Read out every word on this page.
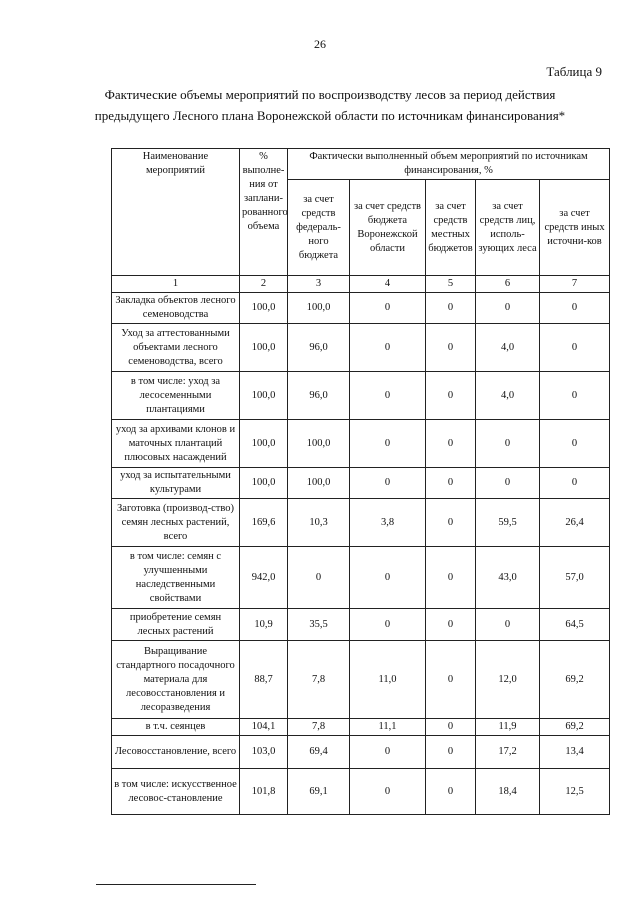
26
Таблица 9
Фактические объемы мероприятий по воспроизводству лесов за период действия
предыдущего Лесного плана Воронежской области по источникам финансирования*
Наименование мероприятий	% выполне-ния от заплани-рованного объема	Фактически выполненный объем мероприятий по источникам финансирования, %				
		за счет средств федераль-ного бюджета	за счет средств бюджета Воронежской области	за счет средств местных бюджетов	за счет средств лиц, исполь-зующих леса	за счет средств иных источни-ков
1	2	3	4	5	6	7
Закладка объектов лесного семеноводства	100,0	100,0	0	0	0	0
Уход за аттестованными объектами лесного семеноводства, всего	100,0	96,0	0	0	4,0	0
в том числе: уход за лесосеменными плантациями	100,0	96,0	0	0	4,0	0
уход за архивами клонов и маточных плантаций плюсовых насаждений	100,0	100,0	0	0	0	0
уход за испытательными культурами	100,0	100,0	0	0	0	0
Заготовка (производ-ство) семян лесных растений, всего	169,6	10,3	3,8	0	59,5	26,4
в том числе: семян с улучшенными наследственными свойствами	942,0	0	0	0	43,0	57,0
приобретение семян лесных растений	10,9	35,5	0	0	0	64,5
Выращивание стандартного посадочного материала для лесовосстановления и лесоразведения	88,7	7,8	11,0	0	12,0	69,2
в т.ч. сеянцев	104,1	7,8	11,1	0	11,9	69,2
Лесовосстановление, всего	103,0	69,4	0	0	17,2	13,4
в том числе: искусственное лесовос-становление	101,8	69,1	0	0	18,4	12,5
